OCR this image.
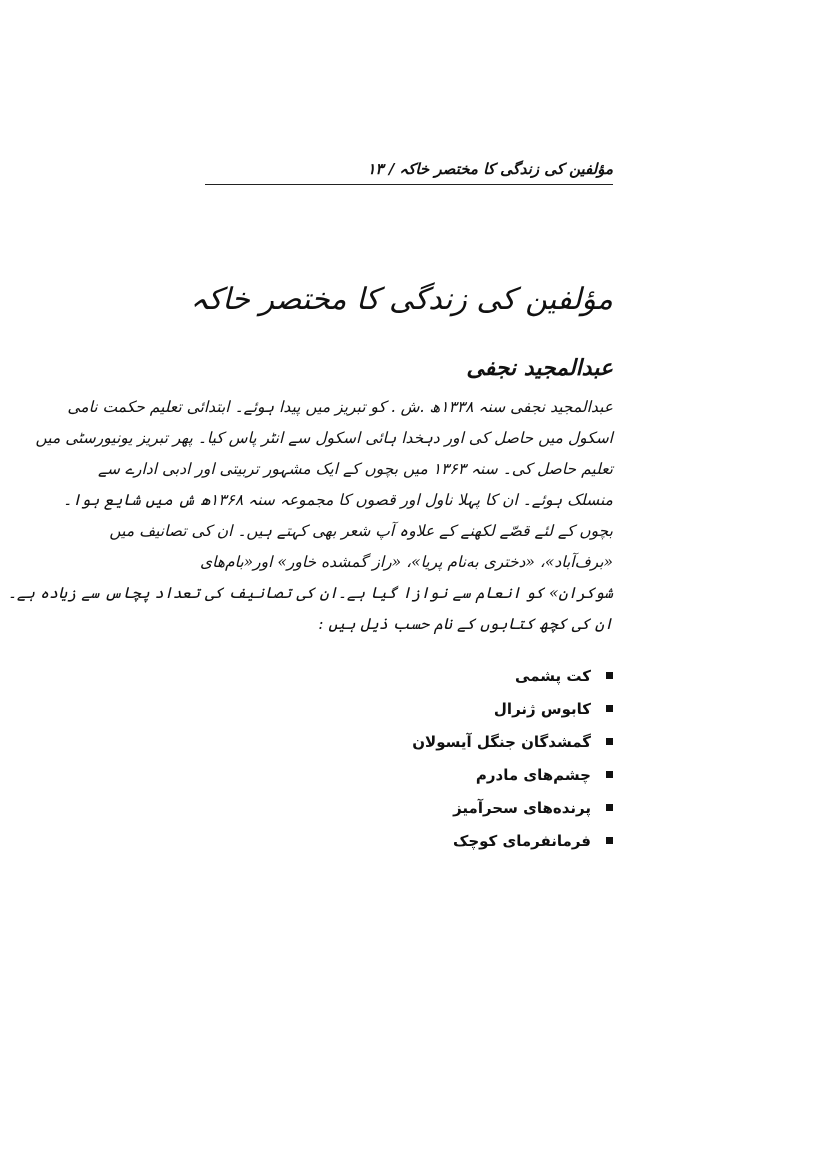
مؤلفین کی زندگی کا مختصر خاکہ / ۱۳
مؤلفین کی زندگی کا مختصر خاکہ
عبدالمجید نجفی
عبدالمجید نجفی سنہ ۱۳۳۸ھ .ش . کو تبریز میں پیدا ہوئے۔ ابتدائی تعلیم حکمت نامی
اسکول میں حاصل کی اور دہخدا ہائی اسکول سے انٹر پاس کیا۔ پھر تبریز یونیورسٹی میں
تعلیم حاصل کی۔ سنہ ۱۳۶۳ میں بچوں کے ایک مشہور تربیتی اور ادبی ادارے سے
منسلک ہوئے۔ ان کا پہلا ناول اور قصوں کا مجموعہ سنہ ۱۳۶۸ھ ش میں شایع ہوا۔
بچوں کے لئے قصّے لکھنے کے علاوہ آپ شعر بھی کہتے ہیں۔ ان کی تصانیف میں
«برف‌آباد»، «دختری به‌نام پریا»، «راز گمشده خاور» اور«بام‌های
شوکران» کو انعام سے نوازا گیا ہے۔ان کی تصانیف کی تعداد پچاس سے زیادہ ہے۔
ان کی کچھ کتابوں کے نام حسب ذیل ہیں :
کت پشمی
کابوس ژنرال
گمشدگان جنگل آیسولان
چشم‌های مادرم
پرنده‌های سحرآمیز
فرمانفرمای کوچک
